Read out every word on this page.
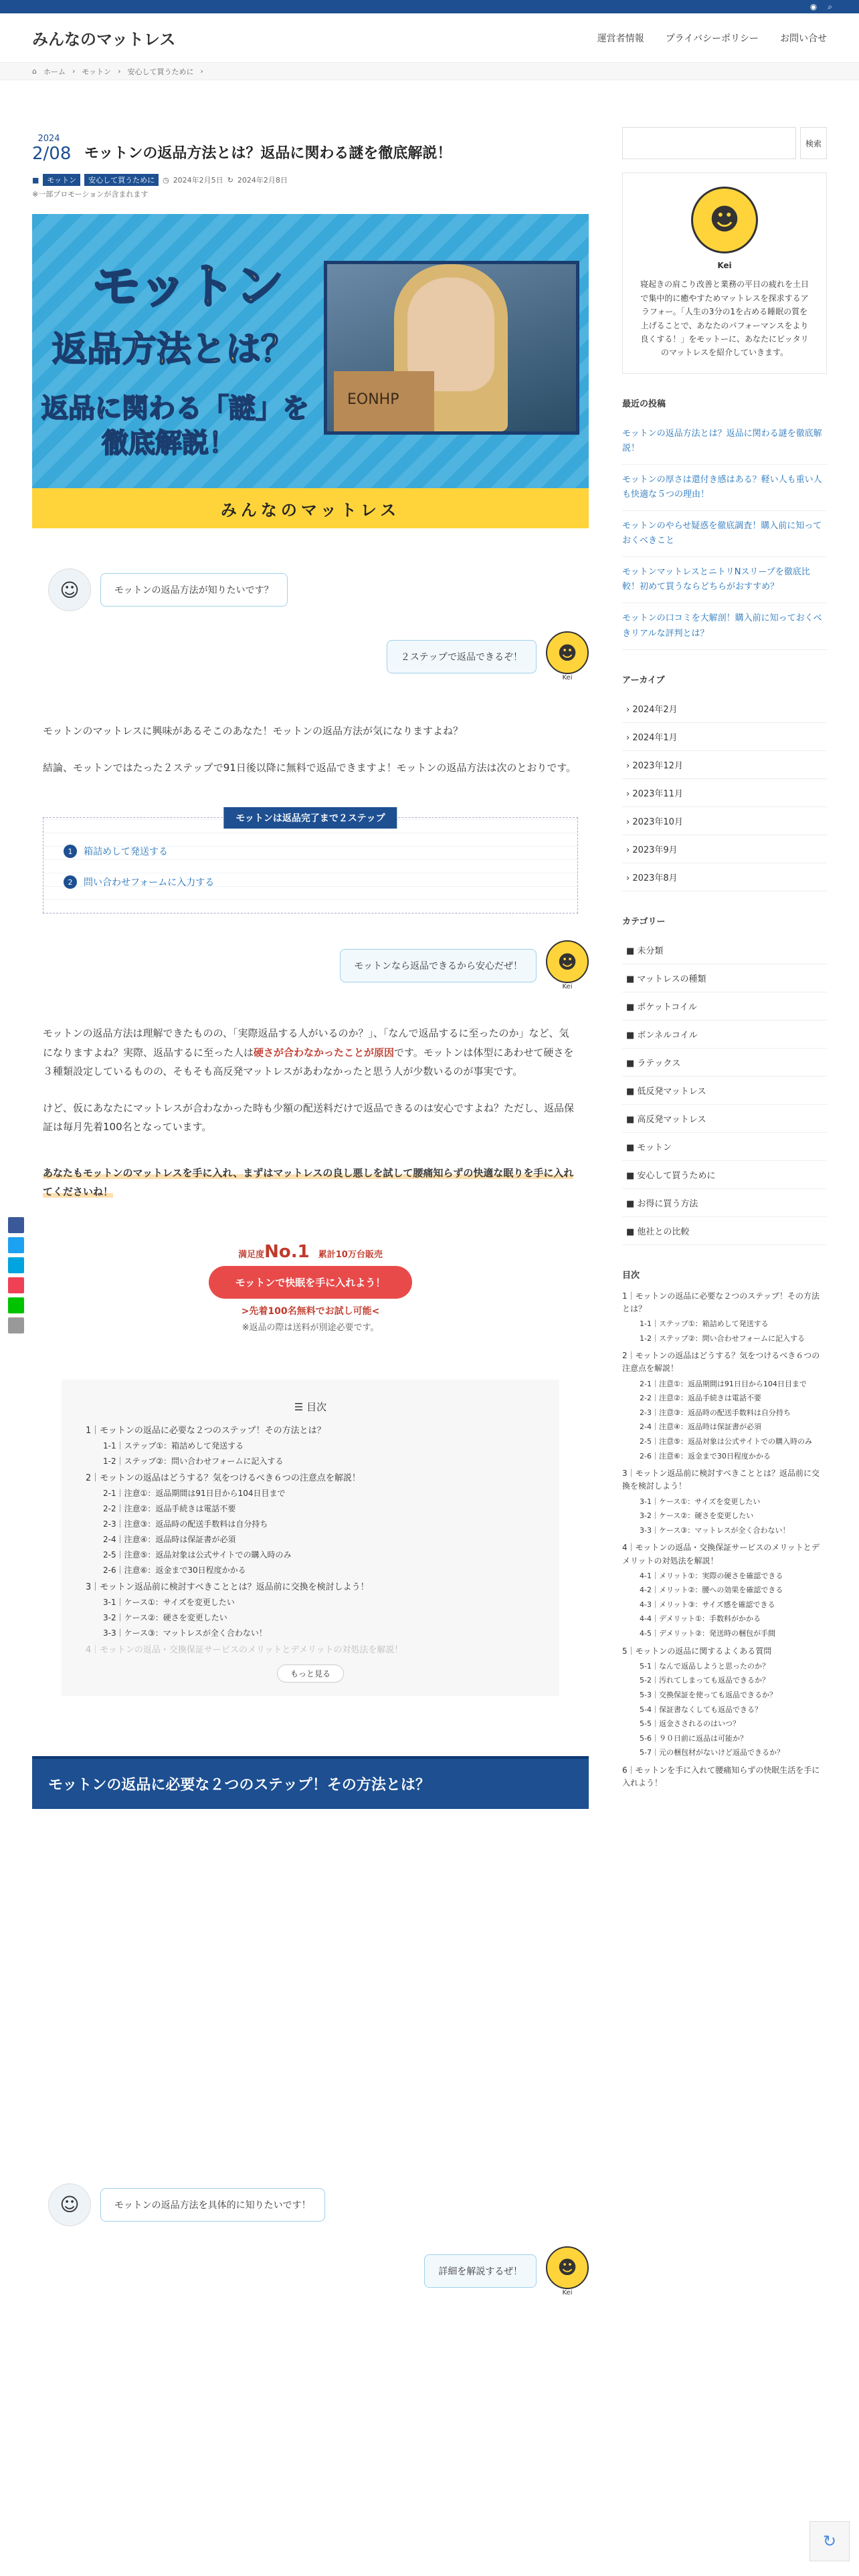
◉ ⌕
みんなのマットレス	運営者情報 プライバシーポリシー お問い合せ
⌂ ホーム › モットン › 安心して買うために ›
2024
2/08 モットンの返品方法とは？返品に関わる謎を徹底解説！
■	モットン	安心して買うために	◷ 2024年2月5日 ↻ 2024年2月8日
※一部プロモーションが含まれます
モットン
返品方法とは？
返品に関わる「謎」を
徹底解説！
EONHP
みんなのマットレス
☺	モットンの返品方法が知りたいです？
２ステップで返品できるぞ！	☻
Kei

モットンのマットレスに興味があるそこのあなた！モットンの返品方法が気になりますよね？

結論、モットンではたった２ステップで91日後以降に無料で返品できますよ！モットンの返品方法は次のとおりです。

モットンは返品完了まで２ステップ
1	箱詰めして発送する
2	問い合わせフォームに入力する
モットンなら返品できるから安心だぜ！	☻
Kei

モットンの返品方法は理解できたものの、「実際返品する人がいるのか？」、「なんで返品するに至ったのか」など、気になりますよね？実際、返品するに至った人は硬さが合わなかったことが原因です。モットンは体型にあわせて硬さを３種類設定しているものの、そもそも高反発マットレスがあわなかったと思う人が少数いるのが事実です。

けど、仮にあなたにマットレスが合わなかった時も少額の配送料だけで返品できるのは安心ですよね？ただし、返品保証は毎月先着100名となっています。

あなたもモットンのマットレスを手に入れ、まずはマットレスの良し悪しを試して腰痛知らずの快適な眠りを手に入れてくださいね！

満足度No.1　 累計10万台販売
モットンで快眠を手に入れよう！
>先着100名無料でお試し可能<
※返品の際は送料が別途必要です。
☰ 目次
1｜モットンの返品に必要な２つのステップ！その方法とは？
1-1｜ステップ①：箱詰めして発送する
1-2｜ステップ②：問い合わせフォームに記入する
2｜モットンの返品はどうする？気をつけるべき６つの注意点を解説！
2-1｜注意①：返品期間は91日目から104日目まで
2-2｜注意②：返品手続きは電話不要
2-3｜注意③：返品時の配送手数料は自分持ち
2-4｜注意④：返品時は保証書が必須
2-5｜注意⑤：返品対象は公式サイトでの購入時のみ
2-6｜注意⑥：返金まで30日程度かかる
3｜モットン返品前に検討すべきこととは？返品前に交換を検討しよう！
3-1｜ケース①：サイズを変更したい
3-2｜ケース②：硬さを変更したい
3-3｜ケース③：マットレスが全く合わない！
4｜モットンの返品・交換保証サービスのメリットとデメリットの対処法を解説！
もっと見る
モットンの返品に必要な２つのステップ！その方法とは？
☺	モットンの返品方法を具体的に知りたいです！
詳細を解説するぜ！	☻
Kei
検索
☻
Kei
寝起きの肩こり改善と業務の平日の疲れを土日で集中的に癒やすためマットレスを探求するアラフォー。「人生の3分の1を占める睡眠の質を上げることで、あなたのパフォーマンスをより良くする！」をモットーに、あなたにピッタリのマットレスを紹介していきます。
最近の投稿
モットンの返品方法とは？返品に関わる謎を徹底解説！
モットンの厚さは還付き感はある？軽い人も重い人も快適な５つの理由！
モットンのやらせ疑惑を徹底調査！購入前に知っておくべきこと
モットンマットレスとニトリNスリープを徹底比較！初めて買うならどちらがおすすめ？
モットンの口コミを大解剖！購入前に知っておくべきリアルな評判とは？
アーカイブ
› 2024年2月
› 2024年1月
› 2023年12月
› 2023年11月
› 2023年10月
› 2023年9月
› 2023年8月
カテゴリー
■ 未分類
■ マットレスの種類
■ ポケットコイル
■ ボンネルコイル
■ ラテックス
■ 低反発マットレス
■ 高反発マットレス
■ モットン
■ 安心して買うために
■ お得に買う方法
■ 他社との比較
目次
1｜モットンの返品に必要な２つのステップ！その方法とは？
1-1｜ステップ①：箱詰めして発送する
1-2｜ステップ②：問い合わせフォームに記入する
2｜モットンの返品はどうする？気をつけるべき６つの注意点を解説！
2-1｜注意①：返品期間は91日目から104日目まで
2-2｜注意②：返品手続きは電話不要
2-3｜注意③：返品時の配送手数料は自分持ち
2-4｜注意④：返品時は保証書が必須
2-5｜注意⑤：返品対象は公式サイトでの購入時のみ
2-6｜注意⑥：返金まで30日程度かかる
3｜モットン返品前に検討すべきこととは？返品前に交換を検討しよう！
3-1｜ケース①：サイズを変更したい
3-2｜ケース②：硬さを変更したい
3-3｜ケース③：マットレスが全く合わない！
4｜モットンの返品・交換保証サービスのメリットとデメリットの対処法を解説！
4-1｜メリット①：実際の硬さを確認できる
4-2｜メリット②：腰への効果を確認できる
4-3｜メリット③：サイズ感を確認できる
4-4｜デメリット①：手数料がかかる
4-5｜デメリット②：発送時の梱包が手間
5｜モットンの返品に関するよくある質問
5-1｜なんで返品しようと思ったのか？
5-2｜汚れてしまっても返品できるか？
5-3｜交換保証を使っても返品できるか？
5-4｜保証書なくしても返品できる？
5-5｜返金さされるのはいつ？
5-6｜９０日前に返品は可能か？
5-7｜元の梱包材がないけど返品できるか？
6｜モットンを手に入れて腰痛知らずの快眠生活を手に入れよう！
↻
